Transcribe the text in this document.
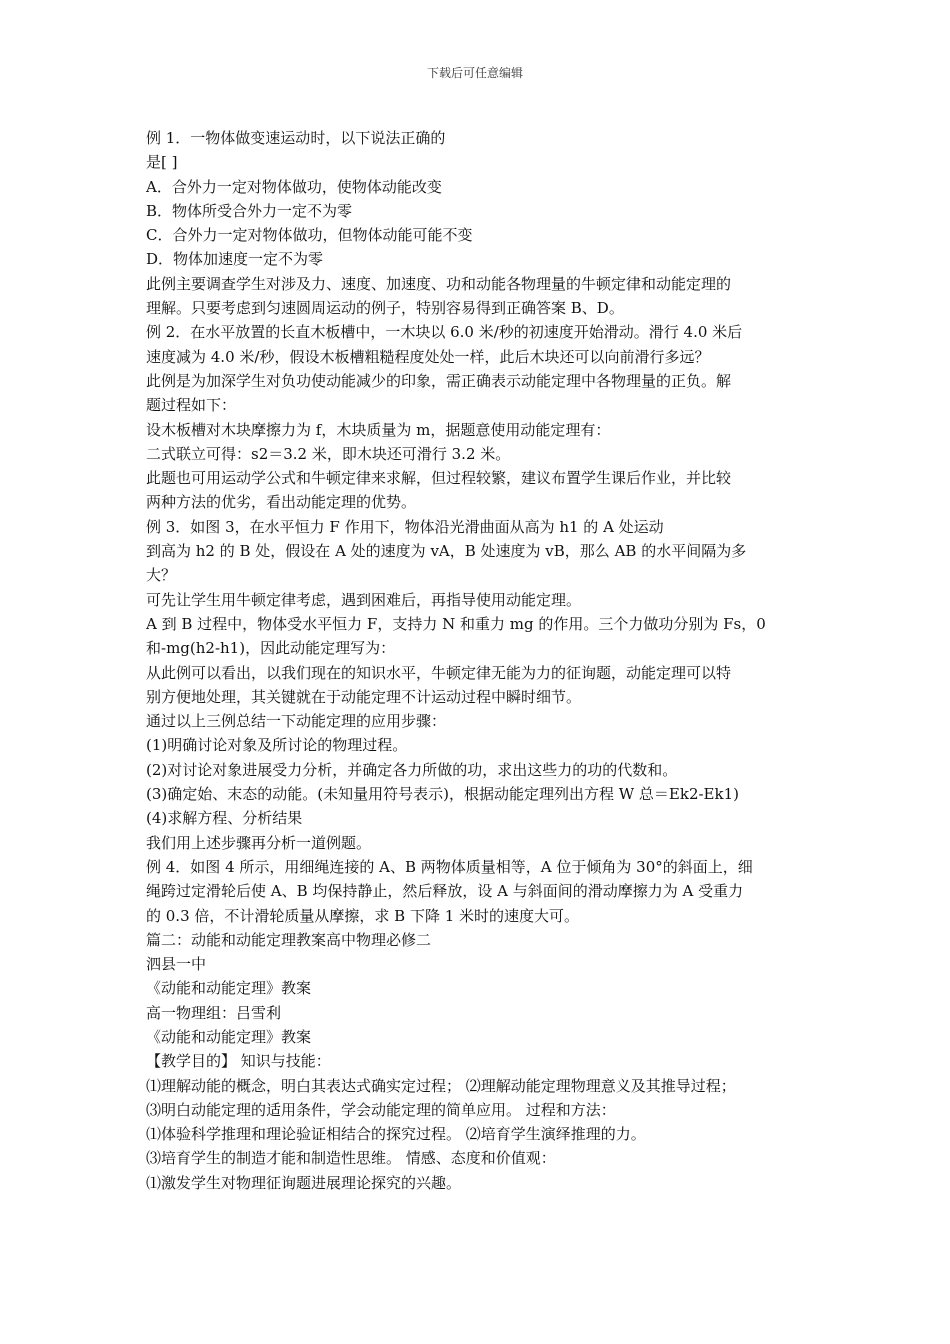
下载后可任意编辑
例 1．一物体做变速运动时，以下说法正确的
是[ ]
A．合外力一定对物体做功，使物体动能改变
B．物体所受合外力一定不为零
C．合外力一定对物体做功，但物体动能可能不变
D．物体加速度一定不为零
此例主要调查学生对涉及力、速度、加速度、功和动能各物理量的牛顿定律和动能定理的
理解。只要考虑到匀速圆周运动的例子，特别容易得到正确答案 B、D。
例 2．在水平放置的长直木板槽中，一木块以 6.0 米/秒的初速度开始滑动。滑行 4.0 米后
速度减为 4.0 米/秒，假设木板槽粗糙程度处处一样，此后木块还可以向前滑行多远？
此例是为加深学生对负功使动能减少的印象，需正确表示动能定理中各物理量的正负。解
题过程如下：
设木板槽对木块摩擦力为 f，木块质量为 m，据题意使用动能定理有：
二式联立可得：s2＝3.2 米，即木块还可滑行 3.2 米。
此题也可用运动学公式和牛顿定律来求解，但过程较繁，建议布置学生课后作业，并比较
两种方法的优劣，看出动能定理的优势。
例 3．如图 3，在水平恒力 F 作用下，物体沿光滑曲面从高为 h1 的 A 处运动
到高为 h2 的 B 处，假设在 A 处的速度为 vA，B 处速度为 vB，那么 AB 的水平间隔为多
大？
可先让学生用牛顿定律考虑，遇到困难后，再指导使用动能定理。
A 到 B 过程中，物体受水平恒力 F，支持力 N 和重力 mg 的作用。三个力做功分别为 Fs，0
和-mg(h2-h1)，因此动能定理写为：
从此例可以看出，以我们现在的知识水平，牛顿定律无能为力的征询题，动能定理可以特
别方便地处理，其关键就在于动能定理不计运动过程中瞬时细节。
通过以上三例总结一下动能定理的应用步骤：
(1)明确讨论对象及所讨论的物理过程。
(2)对讨论对象进展受力分析，并确定各力所做的功，求出这些力的功的代数和。
(3)确定始、末态的动能。(未知量用符号表示)，根据动能定理列出方程 W 总＝Ek2-Ek1)
(4)求解方程、分析结果
我们用上述步骤再分析一道例题。
例 4．如图 4 所示，用细绳连接的 A、B 两物体质量相等，A 位于倾角为 30°的斜面上，细
绳跨过定滑轮后使 A、B 均保持静止，然后释放，设 A 与斜面间的滑动摩擦力为 A 受重力
的 0.3 倍，不计滑轮质量从摩擦，求 B 下降 1 米时的速度大可。
篇二：动能和动能定理教案高中物理必修二
泗县一中
《动能和动能定理》教案
高一物理组：吕雪利
《动能和动能定理》教案
【教学目的】 知识与技能：
⑴理解动能的概念，明白其表达式确实定过程； ⑵理解动能定理物理意义及其推导过程；
⑶明白动能定理的适用条件，学会动能定理的简单应用。 过程和方法：
⑴体验科学推理和理论验证相结合的探究过程。 ⑵培育学生演绎推理的力。
⑶培育学生的制造才能和制造性思维。 情感、态度和价值观：
⑴激发学生对物理征询题进展理论探究的兴趣。
